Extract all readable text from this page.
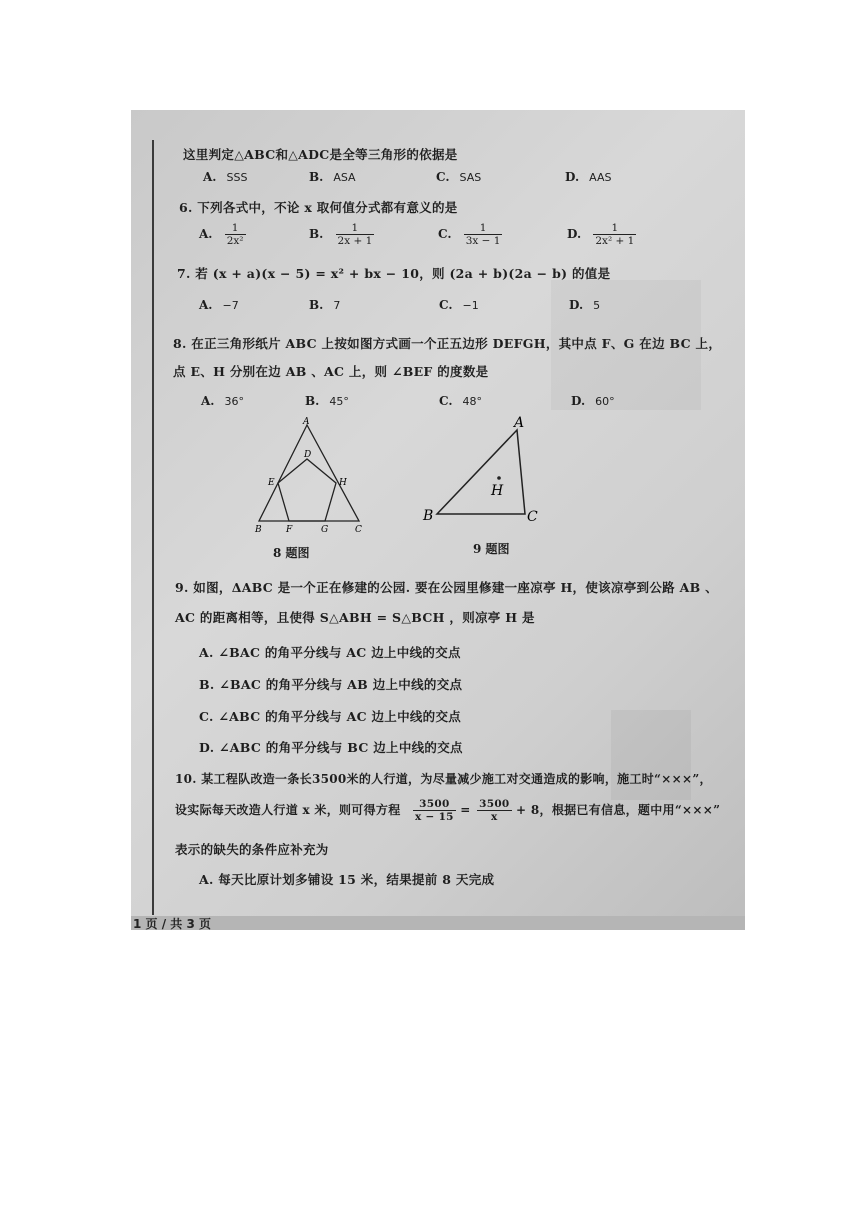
这里判定△ABC和△ADC是全等三角形的依据是
A. SSS	B. ASA	C. SAS	D. AAS
6. 下列各式中，不论 x 取何值分式都有意义的是
A. $\frac{1}{\text{2x²}}$	B. $\frac{1}{2x + 1}$	C. $\frac{1}{3x - 1}$	D. $\frac{1}{\text{2x² + 1}}$
7. 若 (x + a)(x − 5) = x² + bx − 10，则 (2a + b)(2a − b) 的值是
A. −7	B. 7	C. −1	D. 5
8. 在正三角形纸片 ABC 上按如图方式画一个正五边形 DEFGH，其中点 F、G 在边 BC 上，
点 E、H 分别在边 AB 、AC 上，则 ∠BEF 的度数是
A. 36°	B. 45°	C. 48°	D. 60°
A
D
E	H
B	F	G	C
8 题图
A
H
B	C
9 题图
9. 如图，ΔABC 是一个正在修建的公园. 要在公园里修建一座凉亭 H，使该凉亭到公路 AB 、
AC 的距离相等，且使得 S△ABH = S△BCH ，则凉亭 H 是
A. ∠BAC 的角平分线与 AC 边上中线的交点
B. ∠BAC 的角平分线与 AB 边上中线的交点
C. ∠ABC 的角平分线与 AC 边上中线的交点
D. ∠ABC 的角平分线与 BC 边上中线的交点
10. 某工程队改造一条长3500米的人行道，为尽量减少施工对交通造成的影响，施工时“×××”，
设实际每天改造人行道 x 米，则可得方程 $\frac{3500}{x - 15} = \frac{3500}{x} + 8$，根据已有信息，题中用“×××”
表示的缺失的条件应补充为
A. 每天比原计划多铺设 15 米，结果提前 8 天完成
1 页 / 共 3 页
